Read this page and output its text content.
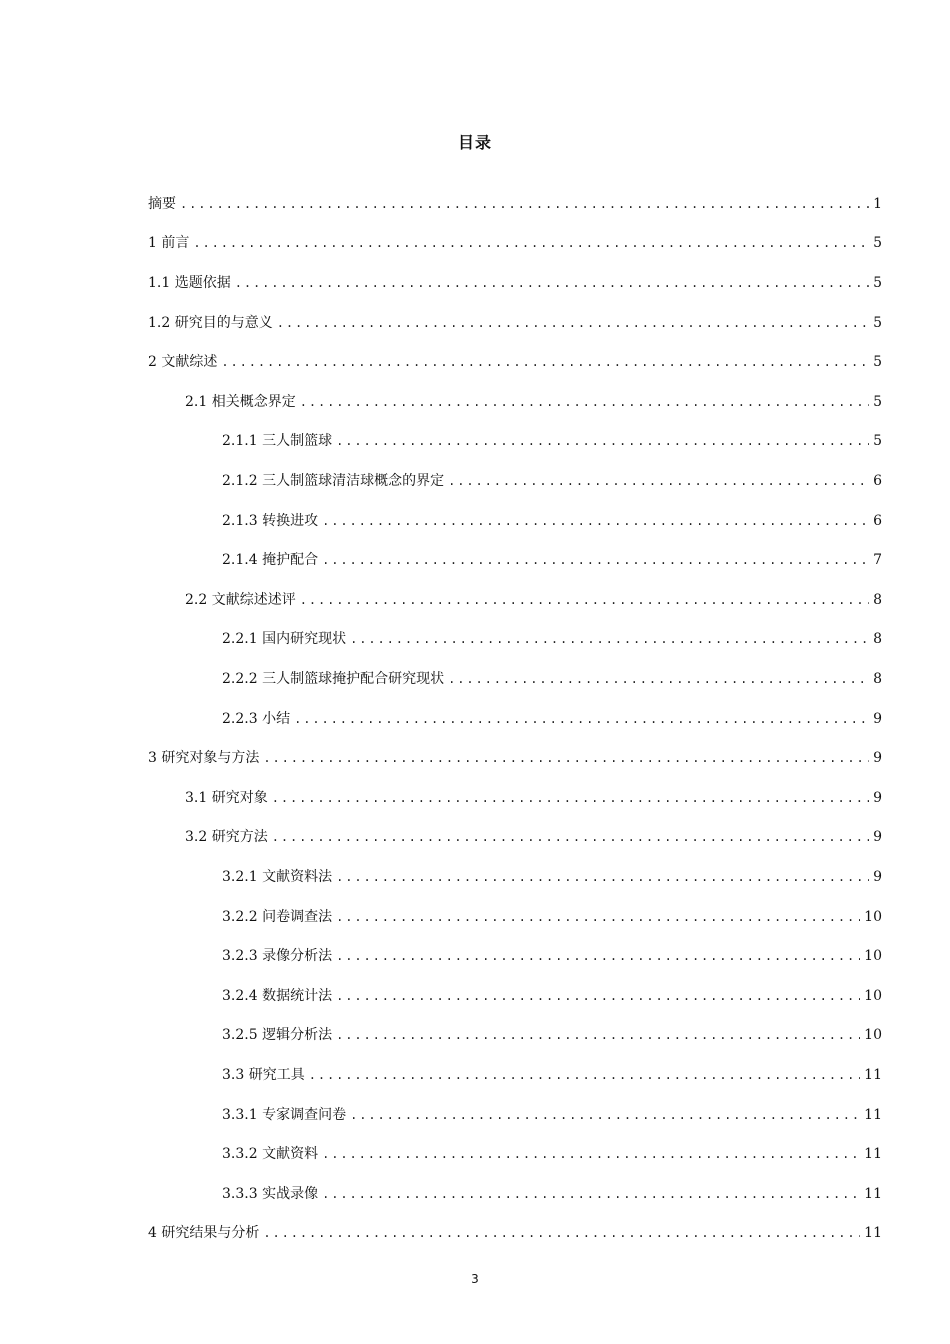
目录
摘要 .....	1
1 前言 .....	5
1.1 选题依据 .....	5
1.2 研究目的与意义 .....	5
2 文献综述 .....	5
2.1 相关概念界定 .....	5
2.1.1 三人制篮球 .....	5
2.1.2 三人制篮球清洁球概念的界定 .....	6
2.1.3 转换进攻 .....	6
2.1.4 掩护配合 .....	7
2.2 文献综述述评 .....	8
2.2.1 国内研究现状 .....	8
2.2.2 三人制篮球掩护配合研究现状 .....	8
2.2.3 小结 .....	9
3 研究对象与方法 .....	9
3.1 研究对象 .....	9
3.2 研究方法 .....	9
3.2.1 文献资料法 .....	9
3.2.2 问卷调查法 .....	10
3.2.3 录像分析法 .....	10
3.2.4 数据统计法 .....	10
3.2.5 逻辑分析法 .....	10
3.3 研究工具 .....	11
3.3.1 专家调查问卷 .....	11
3.3.2 文献资料 .....	11
3.3.3 实战录像 .....	11
4 研究结果与分析 .....	11
3
